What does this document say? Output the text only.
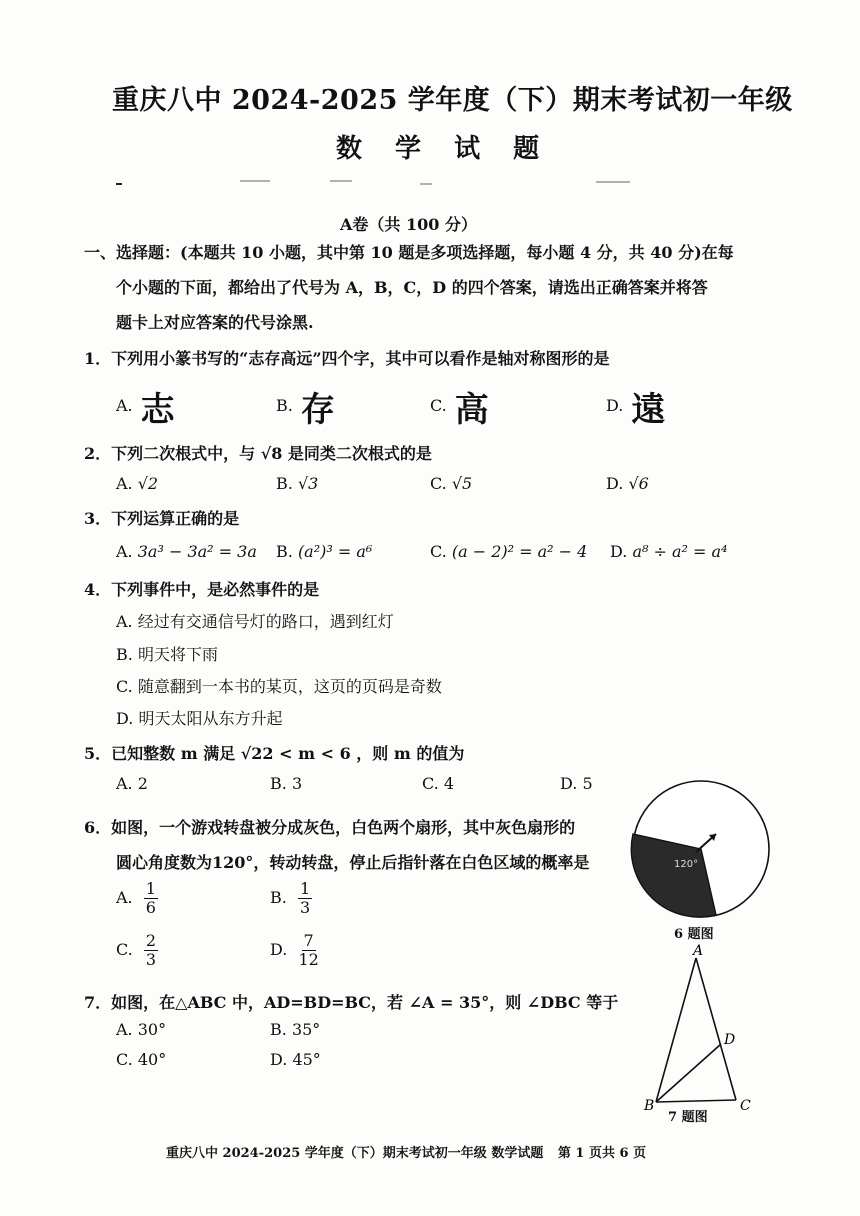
重庆八中 2024-2025 学年度（下）期末考试初一年级
数 学 试 题
A卷（共 100 分）
一、选择题：(本题共 10 小题，其中第 10 题是多项选择题，每小题 4 分，共 40 分)在每
个小题的下面，都给出了代号为 A，B，C，D 的四个答案，请选出正确答案并将答
题卡上对应答案的代号涂黑.
1．下列用小篆书写的“志存高远”四个字，其中可以看作是轴对称图形的是
A. 志	B. 存	C. 高	D. 遠
2．下列二次根式中，与 √8 是同类二次根式的是
A. √2	B. √3	C. √5	D. √6
3．下列运算正确的是
A. 3a³ − 3a² = 3a B. (a²)³ = a⁶	C. (a − 2)² = a² − 4 D. a⁸ ÷ a² = a⁴
4．下列事件中，是必然事件的是
A. 经过有交通信号灯的路口，遇到红灯
B. 明天将下雨
C. 随意翻到一本书的某页，这页的页码是奇数
D. 明天太阳从东方升起
5．已知整数 m 满足 √22 < m < 6 ，则 m 的值为
A. 2	B. 3	C. 4	D. 5
6．如图，一个游戏转盘被分成灰色，白色两个扇形，其中灰色扇形的
圆心角度数为120°，转动转盘，停止后指针落在白色区域的概率是
A. $\frac{1}{6}$	B. $\frac{1}{3}$
C. $\frac{2}{3}$	D. $\frac{7}{12}$
120°
6 题图
7．如图，在△ABC 中，AD=BD=BC，若 ∠A = 35°，则 ∠DBC 等于
A. 30°	B. 35°
C. 40°	D. 45°
A
B	C
D
7 题图
重庆八中 2024-2025 学年度（下）期末考试初一年级 数学试题 第 1 页共 6 页
